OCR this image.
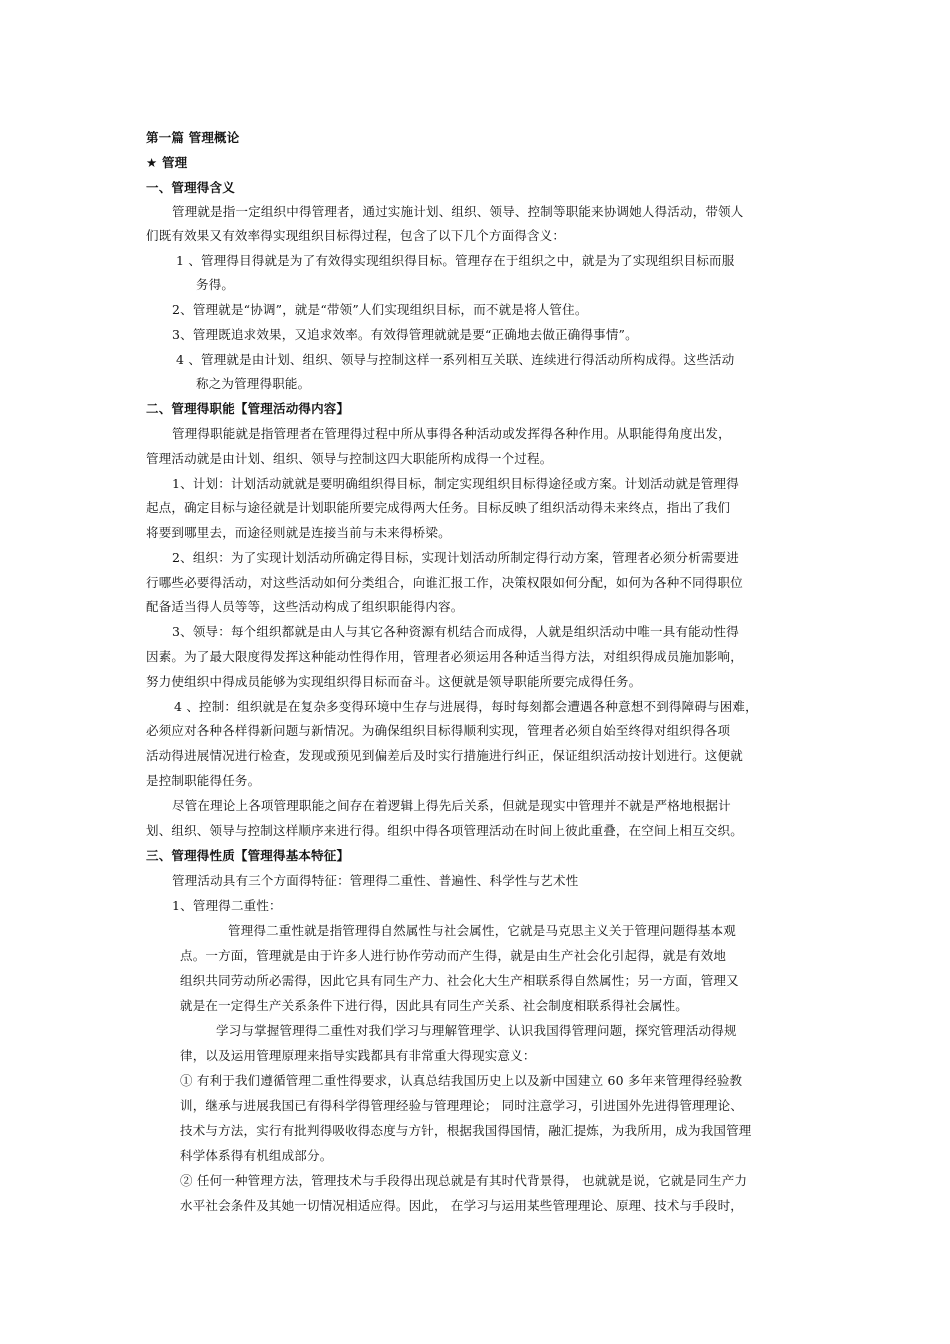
第一篇 管理概论
★ 管理
一、管理得含义
管理就是指一定组织中得管理者，通过实施计划、组织、领导、控制等职能来协调她人得活动，带领人
们既有效果又有效率得实现组织目标得过程，包含了以下几个方面得含义：
1 、管理得目得就是为了有效得实现组织得目标。管理存在于组织之中，就是为了实现组织目标而服
务得。
2、管理就是“协调”，就是“带领”人们实现组织目标，而不就是将人管住。
3、管理既追求效果，又追求效率。有效得管理就就是要“正确地去做正确得事情”。
4 、管理就是由计划、组织、领导与控制这样一系列相互关联、连续进行得活动所构成得。这些活动
称之为管理得职能。
二、管理得职能【管理活动得内容】
管理得职能就是指管理者在管理得过程中所从事得各种活动或发挥得各种作用。从职能得角度出发，
管理活动就是由计划、组织、领导与控制这四大职能所构成得一个过程。
1、计划：计划活动就就是要明确组织得目标，制定实现组织目标得途径或方案。计划活动就是管理得
起点，确定目标与途径就是计划职能所要完成得两大任务。目标反映了组织活动得未来终点，指出了我们
将要到哪里去，而途径则就是连接当前与未来得桥梁。
2、组织：为了实现计划活动所确定得目标，实现计划活动所制定得行动方案，管理者必须分析需要进
行哪些必要得活动，对这些活动如何分类组合，向谁汇报工作，决策权限如何分配，如何为各种不同得职位
配备适当得人员等等，这些活动构成了组织职能得内容。
3、领导：每个组织都就是由人与其它各种资源有机结合而成得，人就是组织活动中唯一具有能动性得
因素。为了最大限度得发挥这种能动性得作用，管理者必须运用各种适当得方法，对组织得成员施加影响，
努力使组织中得成员能够为实现组织得目标而奋斗。这便就是领导职能所要完成得任务。
4 、控制：组织就是在复杂多变得环境中生存与进展得，每时每刻都会遭遇各种意想不到得障碍与困难，
必须应对各种各样得新问题与新情况。为确保组织目标得顺利实现，管理者必须自始至终得对组织得各项
活动得进展情况进行检查，发现或预见到偏差后及时实行措施进行纠正，保证组织活动按计划进行。这便就
是控制职能得任务。
尽管在理论上各项管理职能之间存在着逻辑上得先后关系，但就是现实中管理并不就是严格地根据计
划、组织、领导与控制这样顺序来进行得。组织中得各项管理活动在时间上彼此重叠，在空间上相互交织。
三、管理得性质【管理得基本特征】
管理活动具有三个方面得特征：管理得二重性、普遍性、科学性与艺术性
1、管理得二重性：
管理得二重性就是指管理得自然属性与社会属性，它就是马克思主义关于管理问题得基本观
点。一方面，管理就是由于许多人进行协作劳动而产生得，就是由生产社会化引起得，就是有效地
组织共同劳动所必需得，因此它具有同生产力、社会化大生产相联系得自然属性；另一方面，管理又
就是在一定得生产关系条件下进行得，因此具有同生产关系、社会制度相联系得社会属性。
学习与掌握管理得二重性对我们学习与理解管理学、认识我国得管理问题，探究管理活动得规
律，以及运用管理原理来指导实践都具有非常重大得现实意义：
① 有利于我们遵循管理二重性得要求，认真总结我国历史上以及新中国建立 60 多年来管理得经验教
训，继承与进展我国已有得科学得管理经验与管理理论； 同时注意学习，引进国外先进得管理理论、
技术与方法，实行有批判得吸收得态度与方针，根据我国得国情，融汇提炼，为我所用，成为我国管理
科学体系得有机组成部分。
② 任何一种管理方法，管理技术与手段得出现总就是有其时代背景得， 也就就是说，它就是同生产力
水平社会条件及其她一切情况相适应得。因此， 在学习与运用某些管理理论、原理、技术与手段时，
